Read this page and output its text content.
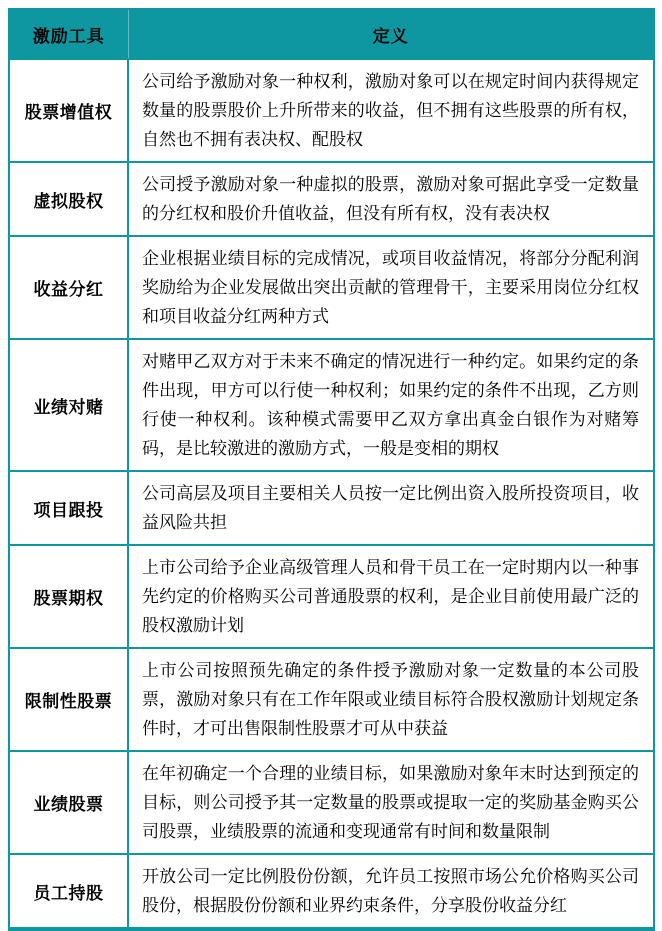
激励工具	定义
股票增值权	公司给予激励对象一种权利，激励对象可以在规定时间内获得规定数量的股票股价上升所带来的收益，但不拥有这些股票的所有权，自然也不拥有表决权、配股权
虚拟股权	公司授予激励对象一种虚拟的股票，激励对象可据此享受一定数量的分红权和股价升值收益，但没有所有权，没有表决权
收益分红	企业根据业绩目标的完成情况，或项目收益情况，将部分分配利润奖励给为企业发展做出突出贡献的管理骨干，主要采用岗位分红权和项目收益分红两种方式
业绩对赌	对赌甲乙双方对于未来不确定的情况进行一种约定。如果约定的条件出现，甲方可以行使一种权利；如果约定的条件不出现，乙方则行使一种权利。该种模式需要甲乙双方拿出真金白银作为对赌筹码，是比较激进的激励方式，一般是变相的期权
项目跟投	公司高层及项目主要相关人员按一定比例出资入股所投资项目，收益风险共担
股票期权	上市公司给予企业高级管理人员和骨干员工在一定时期内以一种事先约定的价格购买公司普通股票的权利，是企业目前使用最广泛的股权激励计划
限制性股票	上市公司按照预先确定的条件授予激励对象一定数量的本公司股票，激励对象只有在工作年限或业绩目标符合股权激励计划规定条件时，才可出售限制性股票才可从中获益
业绩股票	在年初确定一个合理的业绩目标，如果激励对象年末时达到预定的目标，则公司授予其一定数量的股票或提取一定的奖励基金购买公司股票，业绩股票的流通和变现通常有时间和数量限制
员工持股	开放公司一定比例股份份额，允许员工按照市场公允价格购买公司股份，根据股份份额和业界约束条件，分享股份收益分红
